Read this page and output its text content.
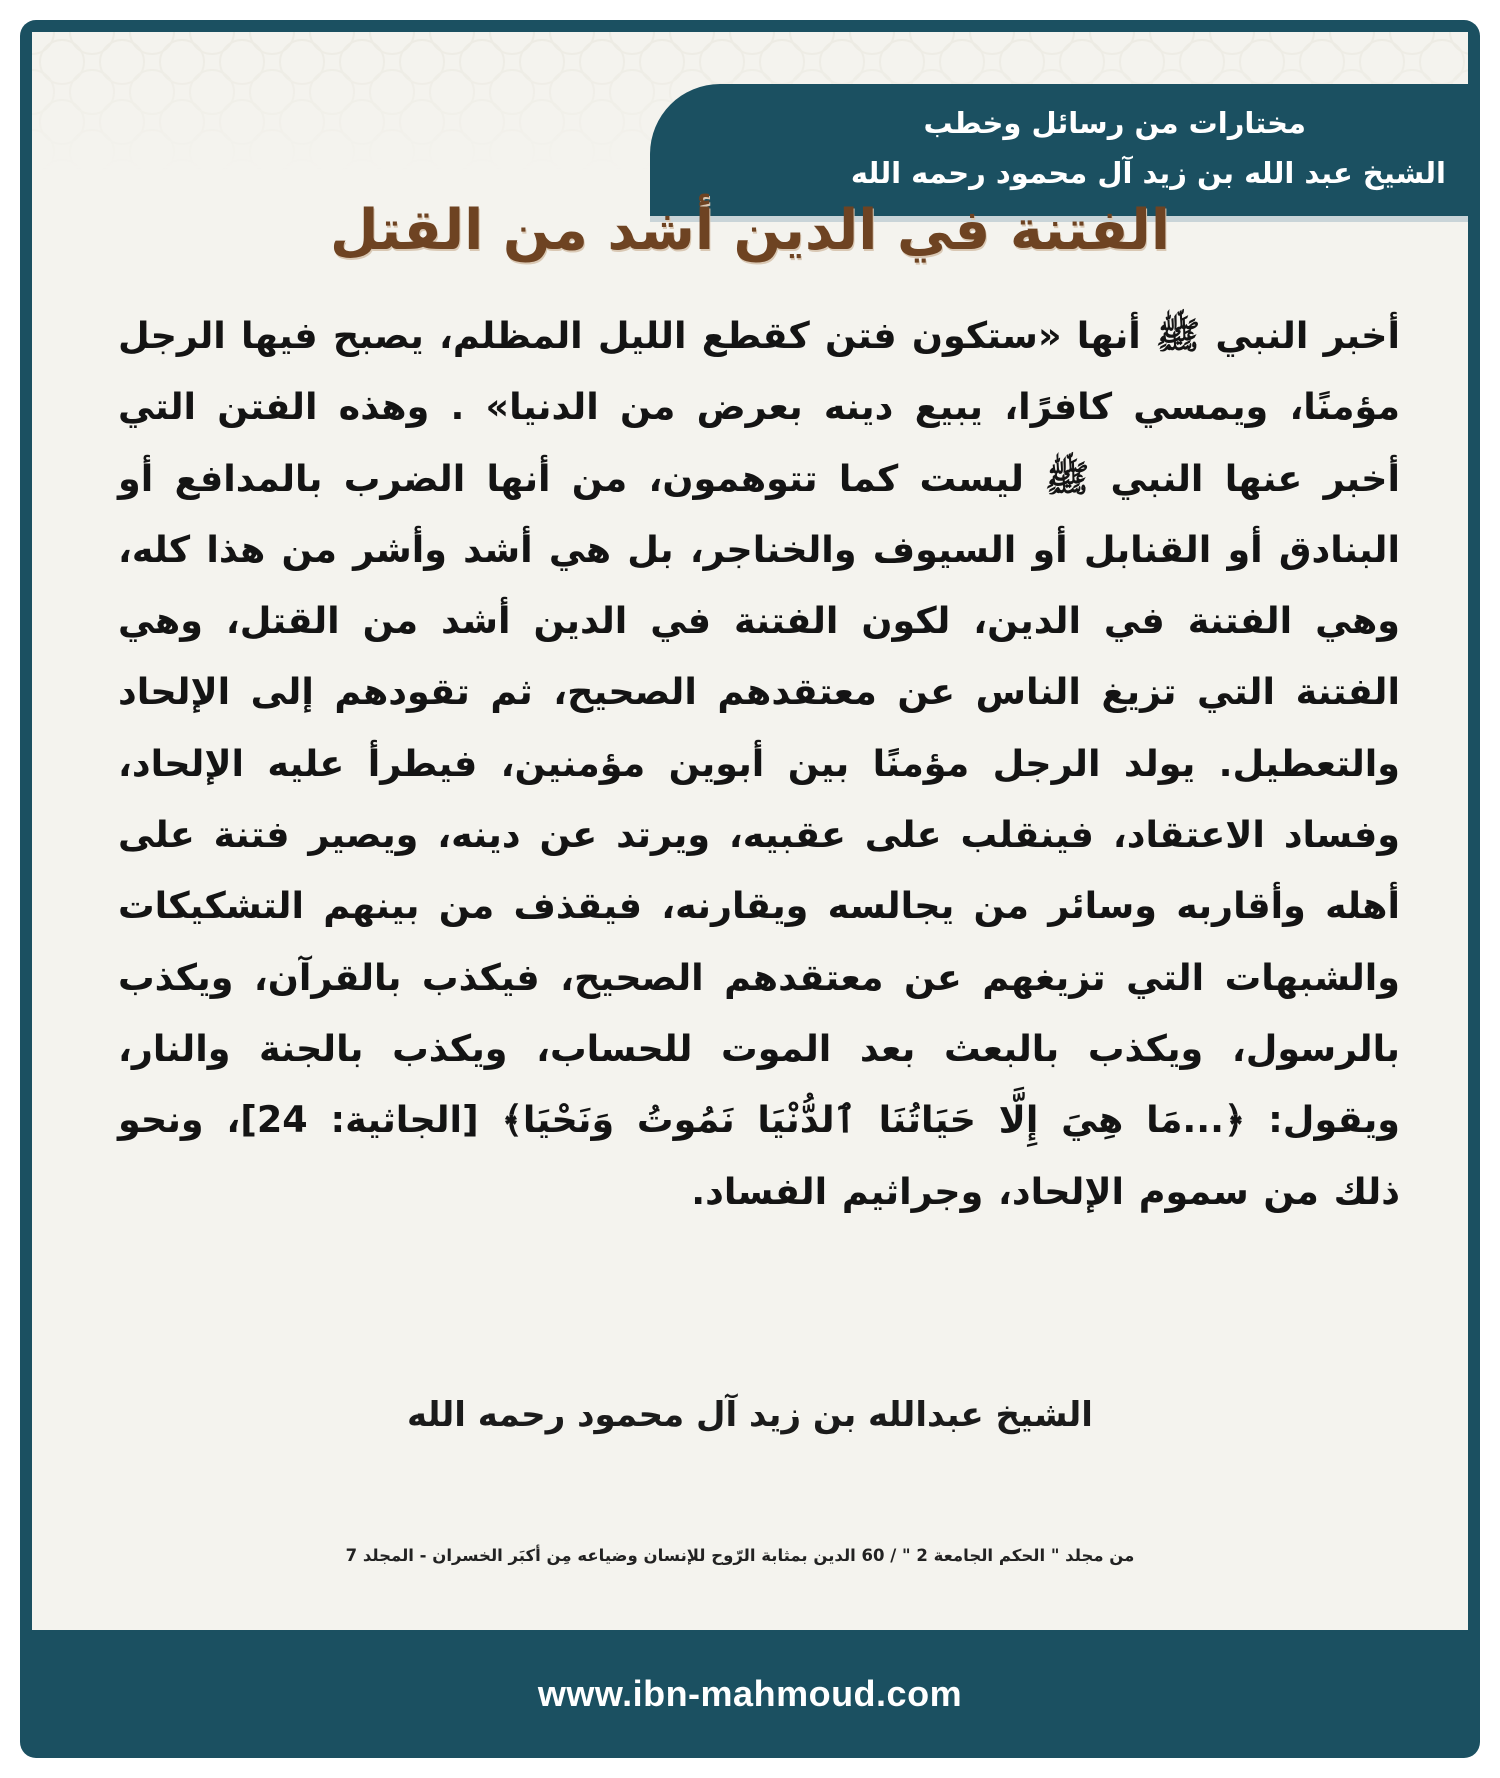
مختارات من رسائل وخطب
الشيخ عبد الله بن زيد آل محمود رحمه الله
الفتنة في الدين أشد من القتل

أخبر النبي ﷺ أنها «ستكون فتن كقطع الليل المظلم، يصبح فيها الرجل مؤمنًا، ويمسي كافرًا، يبيع دينه بعرض من الدنيا» . وهذه الفتن التي أخبر عنها النبي ﷺ ليست كما تتوهمون، من أنها الضرب بالمدافع أو البنادق أو القنابل أو السيوف والخناجر، بل هي أشد وأشر من هذا كله، وهي الفتنة في الدين، لكون الفتنة في الدين أشد من القتل، وهي الفتنة التي تزيغ الناس عن معتقدهم الصحيح، ثم تقودهم إلى الإلحاد والتعطيل. يولد الرجل مؤمنًا بين أبوين مؤمنين، فيطرأ عليه الإلحاد، وفساد الاعتقاد، فينقلب على عقبيه، ويرتد عن دينه، ويصير فتنة على أهله وأقاربه وسائر من يجالسه ويقارنه، فيقذف من بينهم التشكيكات والشبهات التي تزيغهم عن معتقدهم الصحيح، فيكذب بالقرآن، ويكذب بالرسول، ويكذب بالبعث بعد الموت للحساب، ويكذب بالجنة والنار، ويقول: ﴿...مَا هِيَ إِلَّا حَيَاتُنَا ٱلدُّنْيَا نَمُوتُ وَنَحْيَا﴾ [الجاثية: 24]، ونحو ذلك من سموم الإلحاد، وجراثيم الفساد.

الشيخ عبدالله بن زيد آل محمود رحمه الله
من مجلد " الحكم الجامعة 2 " / 60 الدين بمثابة الرّوح للإنسان وضياعه مِن أكبَر الخسران - المجلد 7
www.ibn-mahmoud.com
